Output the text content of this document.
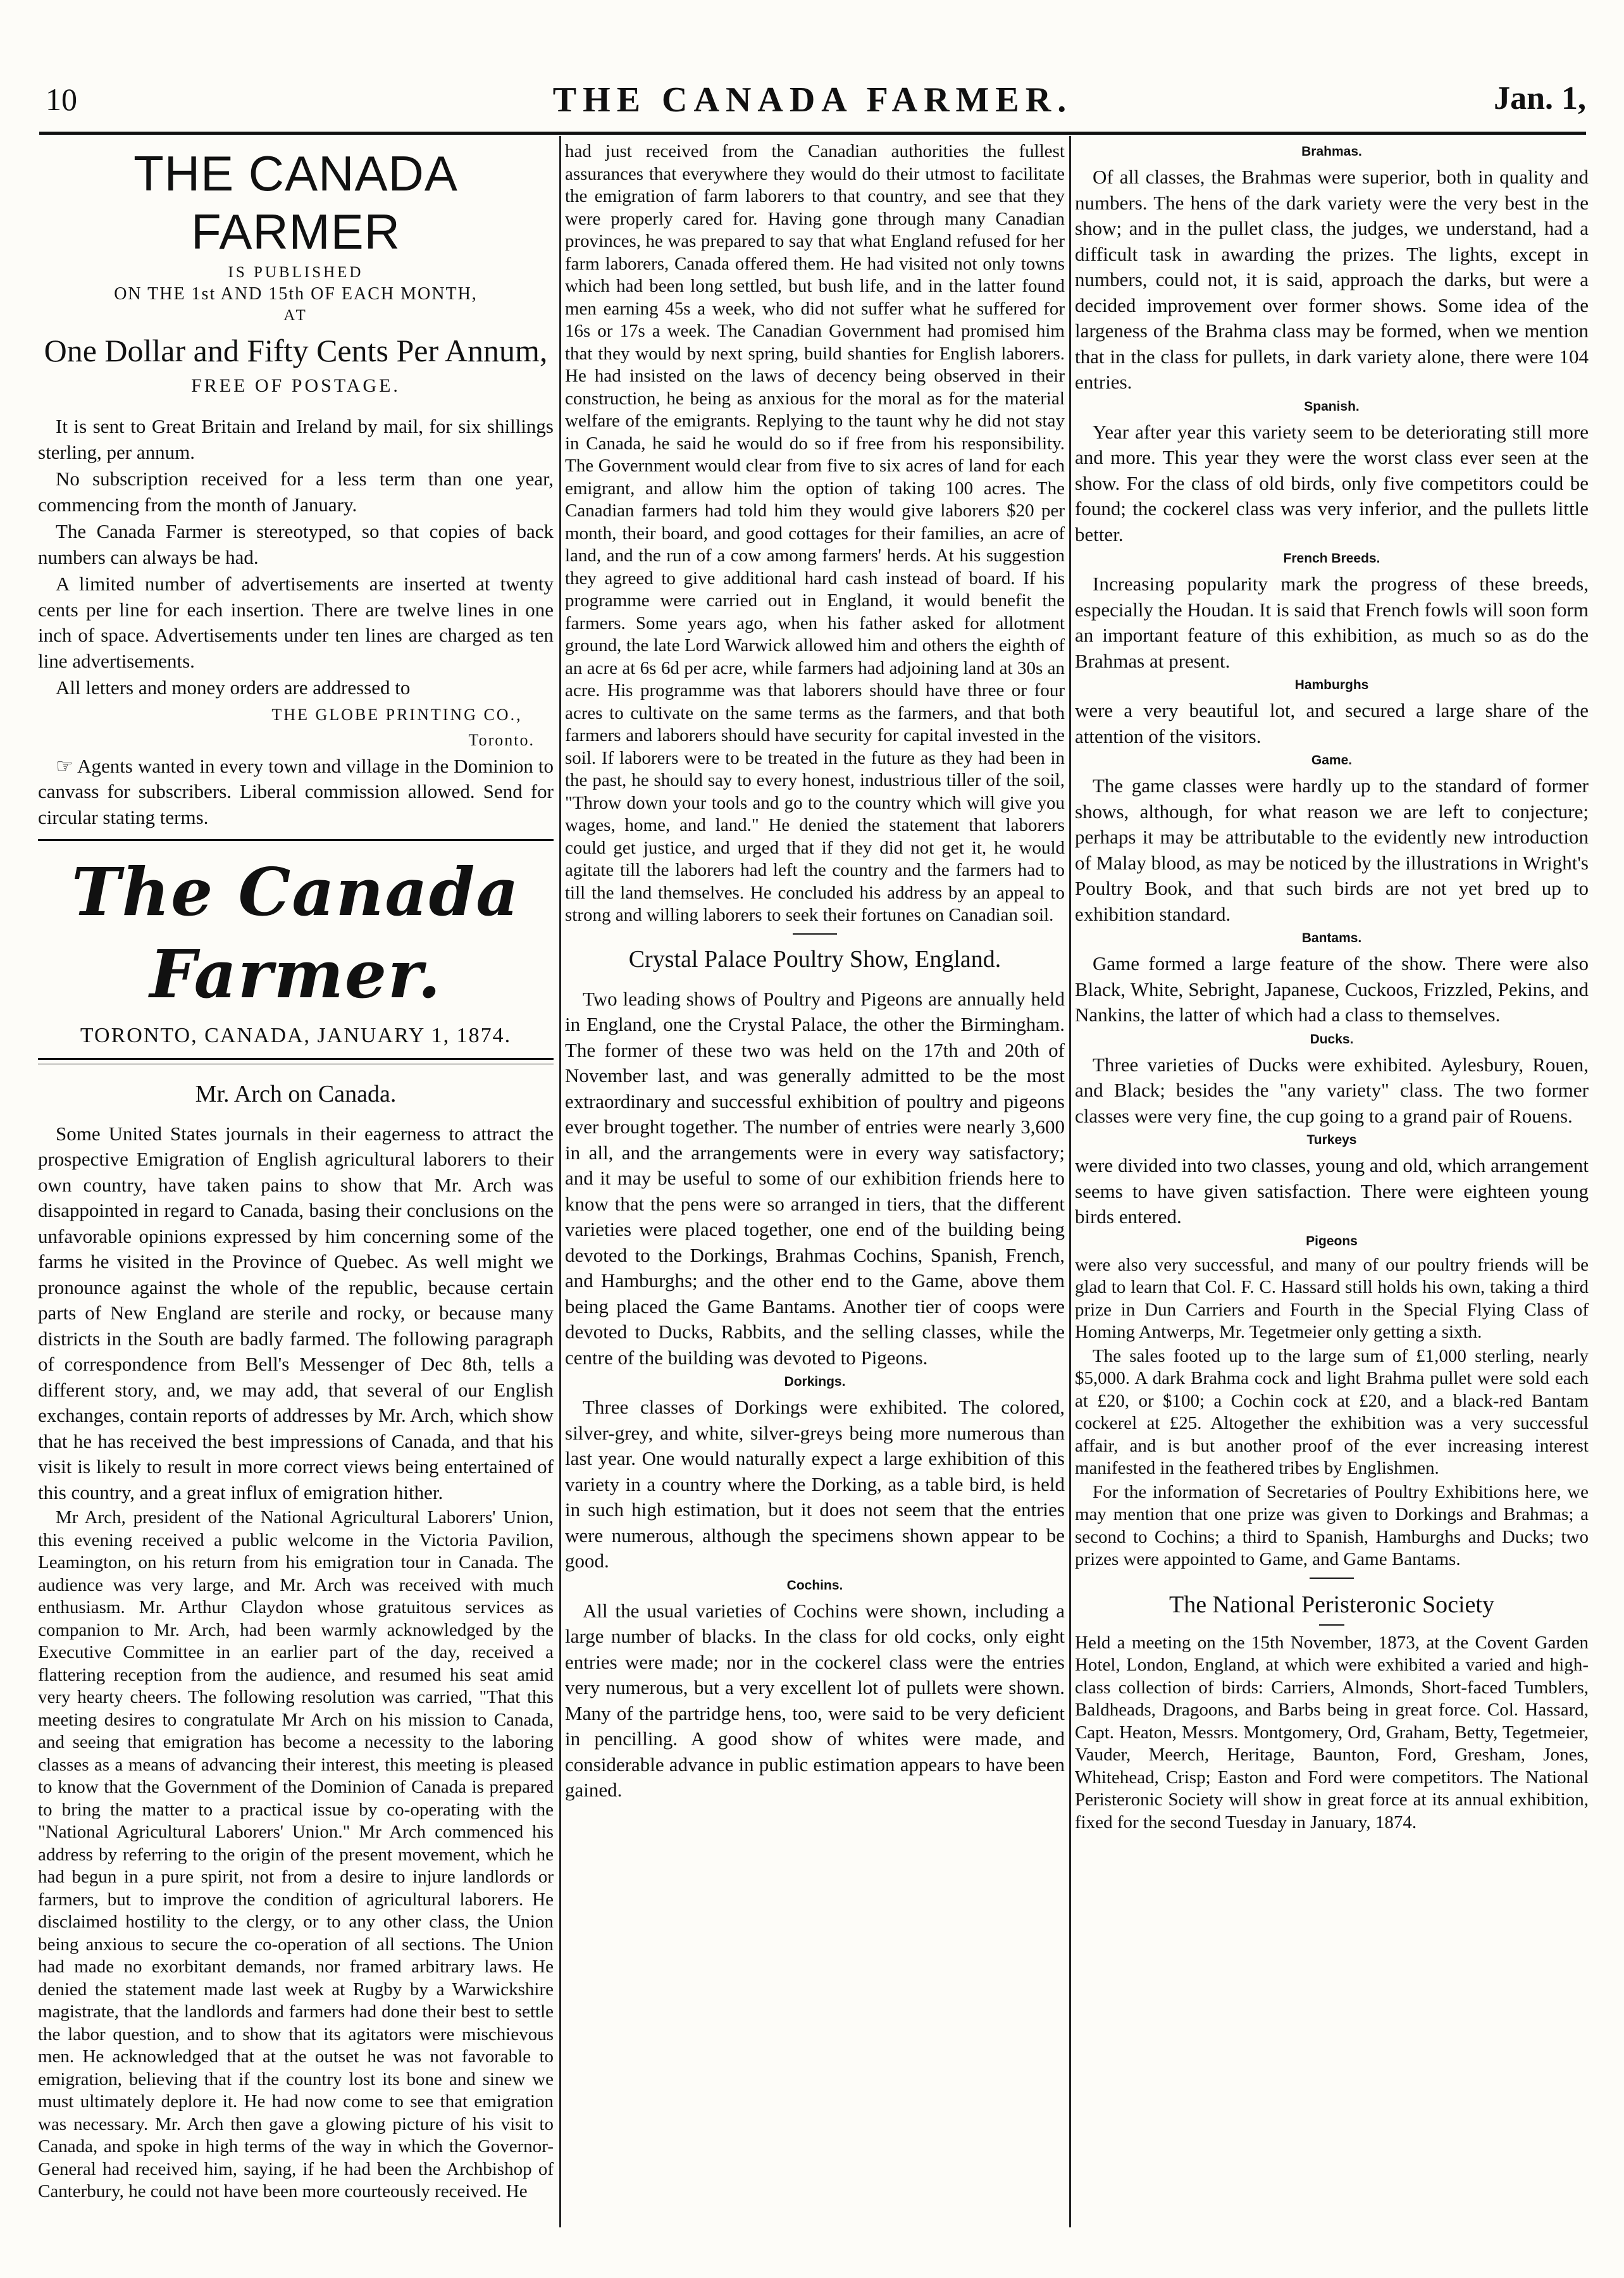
10	THE CANADA FARMER.	Jan. 1,
THE CANADA FARMER
IS PUBLISHED
ON THE 1st AND 15th OF EACH MONTH,
AT
One Dollar and Fifty Cents Per Annum,
FREE OF POSTAGE.

It is sent to Great Britain and Ireland by mail, for six shillings sterling, per annum.

No subscription received for a less term than one year, commencing from the month of January.

The Canada Farmer is stereotyped, so that copies of back numbers can always be had.

A limited number of advertisements are inserted at twenty cents per line for each insertion. There are twelve lines in one inch of space. Advertisements under ten lines are charged as ten line advertisements.

All letters and money orders are addressed to

THE GLOBE PRINTING CO.,
Toronto.

☞ Agents wanted in every town and village in the Dominion to canvass for subscribers. Liberal commission allowed. Send for circular stating terms.

The Canada Farmer.
TORONTO, CANADA, JANUARY 1, 1874.
Mr. Arch on Canada.

Some United States journals in their eagerness to attract the prospective Emigration of English agricultural laborers to their own country, have taken pains to show that Mr. Arch was disappointed in regard to Canada, basing their conclusions on the unfavorable opinions expressed by him concerning some of the farms he visited in the Province of Quebec. As well might we pronounce against the whole of the republic, because certain parts of New England are sterile and rocky, or because many districts in the South are badly farmed. The following paragraph of correspondence from Bell's Messenger of Dec 8th, tells a different story, and, we may add, that several of our English exchanges, contain reports of addresses by Mr. Arch, which show that he has received the best impressions of Canada, and that his visit is likely to result in more correct views being entertained of this country, and a great influx of emigration hither.

Mr Arch, president of the National Agricultural Laborers' Union, this evening received a public welcome in the Victoria Pavilion, Leamington, on his return from his emigration tour in Canada. The audience was very large, and Mr. Arch was received with much enthusiasm. Mr. Arthur Claydon whose gratuitous services as companion to Mr. Arch, had been warmly acknowledged by the Executive Committee in an earlier part of the day, received a flattering reception from the audience, and resumed his seat amid very hearty cheers. The following resolution was carried, "That this meeting desires to congratulate Mr Arch on his mission to Canada, and seeing that emigration has become a necessity to the laboring classes as a means of advancing their interest, this meeting is pleased to know that the Government of the Dominion of Canada is prepared to bring the matter to a practical issue by co-operating with the "National Agricultural Laborers' Union." Mr Arch commenced his address by referring to the origin of the present movement, which he had begun in a pure spirit, not from a desire to injure landlords or farmers, but to improve the condition of agricultural laborers. He disclaimed hostility to the clergy, or to any other class, the Union being anxious to secure the co-operation of all sections. The Union had made no exorbitant demands, nor framed arbitrary laws. He denied the statement made last week at Rugby by a Warwickshire magistrate, that the landlords and farmers had done their best to settle the labor question, and to show that its agitators were mischievous men. He acknowledged that at the outset he was not favorable to emigration, believing that if the country lost its bone and sinew we must ultimately deplore it. He had now come to see that emigration was necessary. Mr. Arch then gave a glowing picture of his visit to Canada, and spoke in high terms of the way in which the Governor-General had received him, saying, if he had been the Archbishop of Canterbury, he could not have been more courteously received. He
had just received from the Canadian authorities the fullest assurances that everywhere they would do their utmost to facilitate the emigration of farm laborers to that country, and see that they were properly cared for. Having gone through many Canadian provinces, he was prepared to say that what England refused for her farm laborers, Canada offered them. He had visited not only towns which had been long settled, but bush life, and in the latter found men earning 45s a week, who did not suffer what he suffered for 16s or 17s a week. The Canadian Government had promised him that they would by next spring, build shanties for English laborers. He had insisted on the laws of decency being observed in their construction, he being as anxious for the moral as for the material welfare of the emigrants. Replying to the taunt why he did not stay in Canada, he said he would do so if free from his responsibility. The Government would clear from five to six acres of land for each emigrant, and allow him the option of taking 100 acres. The Canadian farmers had told him they would give laborers $20 per month, their board, and good cottages for their families, an acre of land, and the run of a cow among farmers' herds. At his suggestion they agreed to give additional hard cash instead of board. If his programme were carried out in England, it would benefit the farmers. Some years ago, when his father asked for allotment ground, the late Lord Warwick allowed him and others the eighth of an acre at 6s 6d per acre, while farmers had adjoining land at 30s an acre. His programme was that laborers should have three or four acres to cultivate on the same terms as the farmers, and that both farmers and laborers should have security for capital invested in the soil. If laborers were to be treated in the future as they had been in the past, he should say to every honest, industrious tiller of the soil, "Throw down your tools and go to the country which will give you wages, home, and land." He denied the statement that laborers could get justice, and urged that if they did not get it, he would agitate till the laborers had left the country and the farmers had to till the land themselves. He concluded his address by an appeal to strong and willing laborers to seek their fortunes on Canadian soil.
Crystal Palace Poultry Show, England.

Two leading shows of Poultry and Pigeons are annually held in England, one the Crystal Palace, the other the Birmingham. The former of these two was held on the 17th and 20th of November last, and was generally admitted to be the most extraordinary and successful exhibition of poultry and pigeons ever brought together. The number of entries were nearly 3,600 in all, and the arrangements were in every way satisfactory; and it may be useful to some of our exhibition friends here to know that the pens were so arranged in tiers, that the different varieties were placed together, one end of the building being devoted to the Dorkings, Brahmas Cochins, Spanish, French, and Hamburghs; and the other end to the Game, above them being placed the Game Bantams. Another tier of coops were devoted to Ducks, Rabbits, and the selling classes, while the centre of the building was devoted to Pigeons.

Dorkings.

Three classes of Dorkings were exhibited. The colored, silver-grey, and white, silver-greys being more numerous than last year. One would naturally expect a large exhibition of this variety in a country where the Dorking, as a table bird, is held in such high estimation, but it does not seem that the entries were numerous, although the specimens shown appear to be good.

Cochins.

All the usual varieties of Cochins were shown, including a large number of blacks. In the class for old cocks, only eight entries were made; nor in the cockerel class were the entries very numerous, but a very excellent lot of pullets were shown. Many of the partridge hens, too, were said to be very deficient in pencilling. A good show of whites were made, and considerable advance in public estimation appears to have been gained.

Brahmas.

Of all classes, the Brahmas were superior, both in quality and numbers. The hens of the dark variety were the very best in the show; and in the pullet class, the judges, we understand, had a difficult task in awarding the prizes. The lights, except in numbers, could not, it is said, approach the darks, but were a decided improvement over former shows. Some idea of the largeness of the Brahma class may be formed, when we mention that in the class for pullets, in dark variety alone, there were 104 entries.

Spanish.

Year after year this variety seem to be deteriorating still more and more. This year they were the worst class ever seen at the show. For the class of old birds, only five competitors could be found; the cockerel class was very inferior, and the pullets little better.

French Breeds.

Increasing popularity mark the progress of these breeds, especially the Houdan. It is said that French fowls will soon form an important feature of this exhibition, as much so as do the Brahmas at present.

Hamburghs

were a very beautiful lot, and secured a large share of the attention of the visitors.

Game.

The game classes were hardly up to the standard of former shows, although, for what reason we are left to conjecture; perhaps it may be attributable to the evidently new introduction of Malay blood, as may be noticed by the illustrations in Wright's Poultry Book, and that such birds are not yet bred up to exhibition standard.

Bantams.

Game formed a large feature of the show. There were also Black, White, Sebright, Japanese, Cuckoos, Frizzled, Pekins, and Nankins, the latter of which had a class to themselves.

Ducks.

Three varieties of Ducks were exhibited. Aylesbury, Rouen, and Black; besides the "any variety" class. The two former classes were very fine, the cup going to a grand pair of Rouens.

Turkeys

were divided into two classes, young and old, which arrangement seems to have given satisfaction. There were eighteen young birds entered.

Pigeons

were also very successful, and many of our poultry friends will be glad to learn that Col. F. C. Hassard still holds his own, taking a third prize in Dun Carriers and Fourth in the Special Flying Class of Homing Antwerps, Mr. Tegetmeier only getting a sixth.

The sales footed up to the large sum of £1,000 sterling, nearly $5,000. A dark Brahma cock and light Brahma pullet were sold each at £20, or $100; a Cochin cock at £20, and a black-red Bantam cockerel at £25. Altogether the exhibition was a very successful affair, and is but another proof of the ever increasing interest manifested in the feathered tribes by Englishmen.

For the information of Secretaries of Poultry Exhibitions here, we may mention that one prize was given to Dorkings and Brahmas; a second to Cochins; a third to Spanish, Hamburghs and Ducks; two prizes were appointed to Game, and Game Bantams.

The National Peristeronic Society

Held a meeting on the 15th November, 1873, at the Covent Garden Hotel, London, England, at which were exhibited a varied and high-class collection of birds: Carriers, Almonds, Short-faced Tumblers, Baldheads, Dragoons, and Barbs being in great force. Col. Hassard, Capt. Heaton, Messrs. Montgomery, Ord, Graham, Betty, Tegetmeier, Vauder, Meerch, Heritage, Baunton, Ford, Gresham, Jones, Whitehead, Crisp; Easton and Ford were competitors. The National Peristeronic Society will show in great force at its annual exhibition, fixed for the second Tuesday in January, 1874.
